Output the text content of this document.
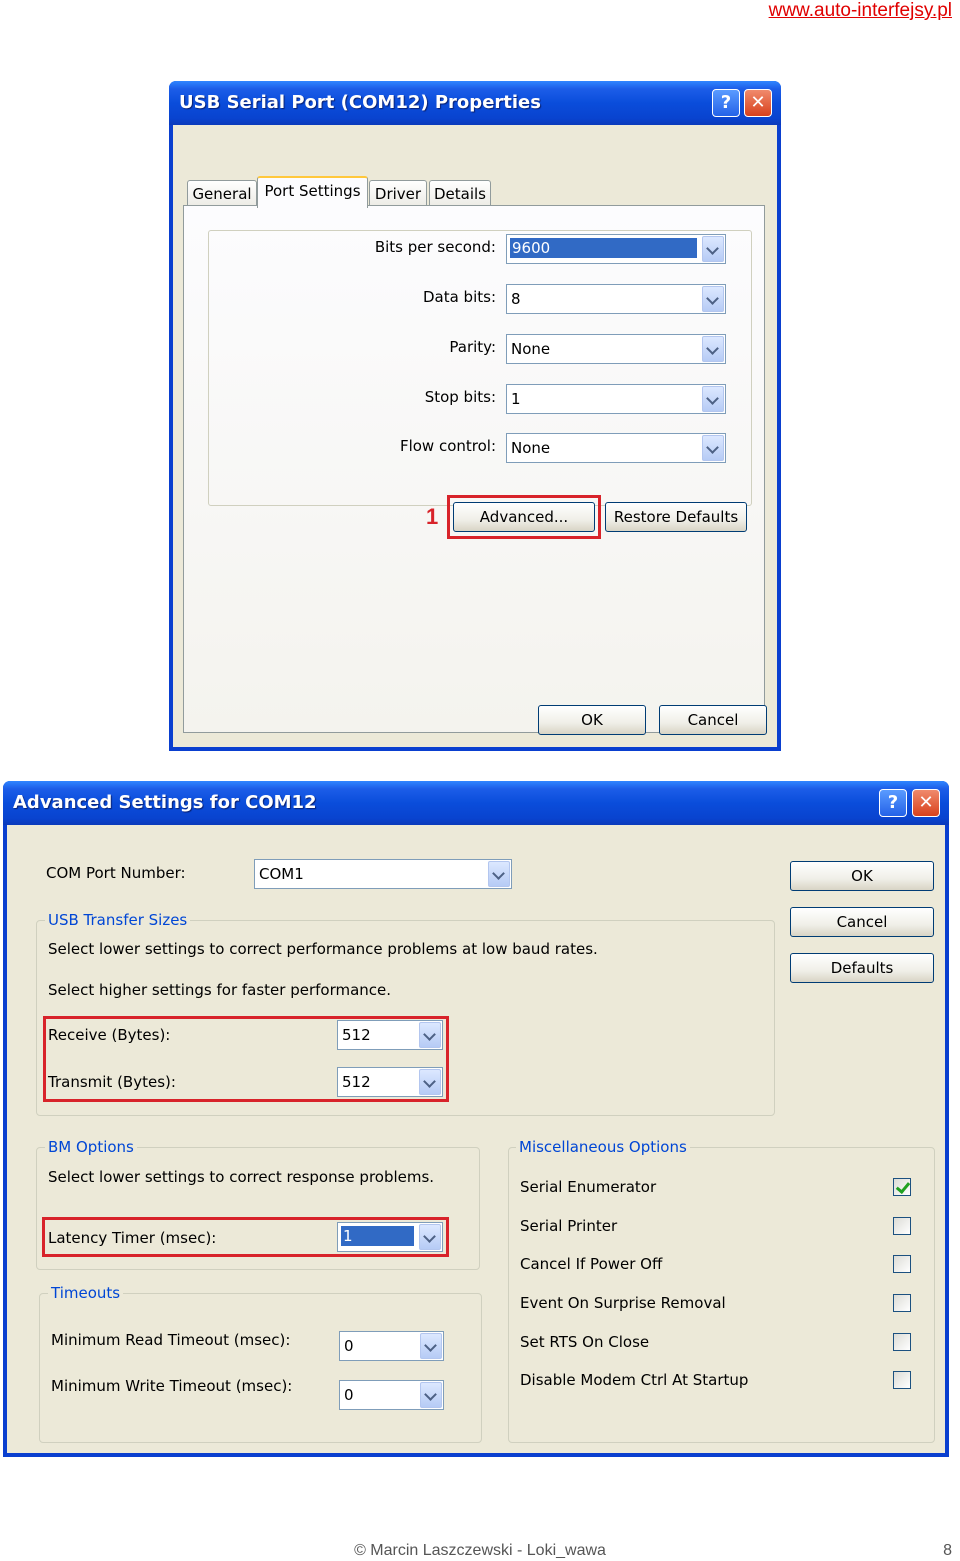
www.auto-interfejsy.pl
USB Serial Port (COM12) Properties	?	✕
General Port Settings Driver Details
Bits per second: 9600
Data bits: 8
Parity: None
Stop bits: 1
Flow control: None
1	Advanced...	Restore Defaults
OK	Cancel
Advanced Settings for COM12	?	✕
COM Port Number:	COM1	OK
Cancel
Defaults
USB Transfer Sizes
Select lower settings to correct performance problems at low baud rates.
Select higher settings for faster performance.
Receive (Bytes):	512
Transmit (Bytes):	512
BM Options
Select lower settings to correct response problems.
Latency Timer (msec):	1
Timeouts
Minimum Read Timeout (msec):	0
Minimum Write Timeout (msec):	0
Miscellaneous Options
Serial Enumerator
Serial Printer
Cancel If Power Off
Event On Surprise Removal
Set RTS On Close
Disable Modem Ctrl At Startup
© Marcin Laszczewski - Loki_wawa	8
